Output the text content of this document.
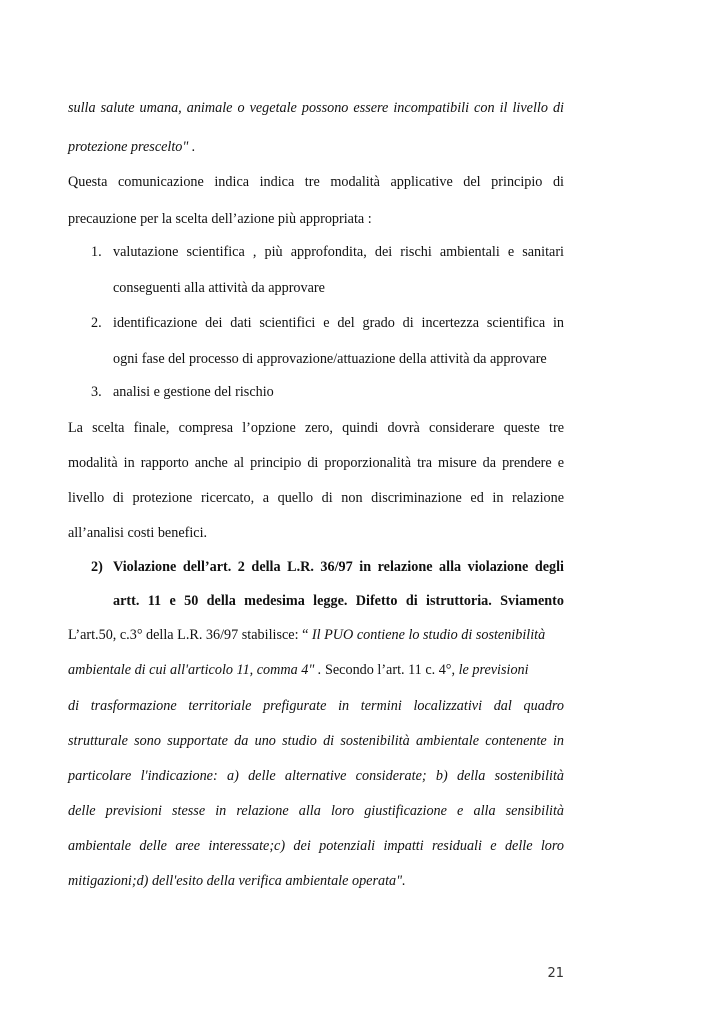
sulla salute umana, animale o vegetale possono essere incompatibili con il livello di
protezione prescelto" .
Questa comunicazione indica indica tre modalità applicative del principio di
precauzione per la scelta dell’azione più appropriata :
1. valutazione scientifica , più approfondita, dei rischi ambientali e sanitari
conseguenti alla attività da approvare
2. identificazione dei dati scientifici e del grado di incertezza scientifica in
ogni fase del processo di approvazione/attuazione della attività da approvare
3. analisi e gestione del rischio
La scelta finale, compresa l’opzione zero, quindi dovrà considerare queste tre
modalità in rapporto anche al principio di proporzionalità tra misure da prendere e
livello di protezione ricercato, a quello di non discriminazione ed in relazione
all’analisi costi benefici.
2) Violazione dell’art. 2 della L.R. 36/97 in relazione alla violazione degli
artt. 11 e 50 della medesima legge. Difetto di istruttoria. Sviamento
L’art.50, c.3° della L.R. 36/97 stabilisce: “ Il PUO contiene lo studio di sostenibilità
ambientale di cui all'articolo 11, comma 4" . Secondo l’art. 11 c. 4°, le previsioni
di trasformazione territoriale prefigurate in termini localizzativi dal quadro
strutturale sono supportate da uno studio di sostenibilità ambientale contenente in
particolare l'indicazione: a) delle alternative considerate; b) della sostenibilità
delle previsioni stesse in relazione alla loro giustificazione e alla sensibilità
ambientale delle aree interessate;c) dei potenziali impatti residuali e delle loro
mitigazioni;d) dell'esito della verifica ambientale operata".
21
